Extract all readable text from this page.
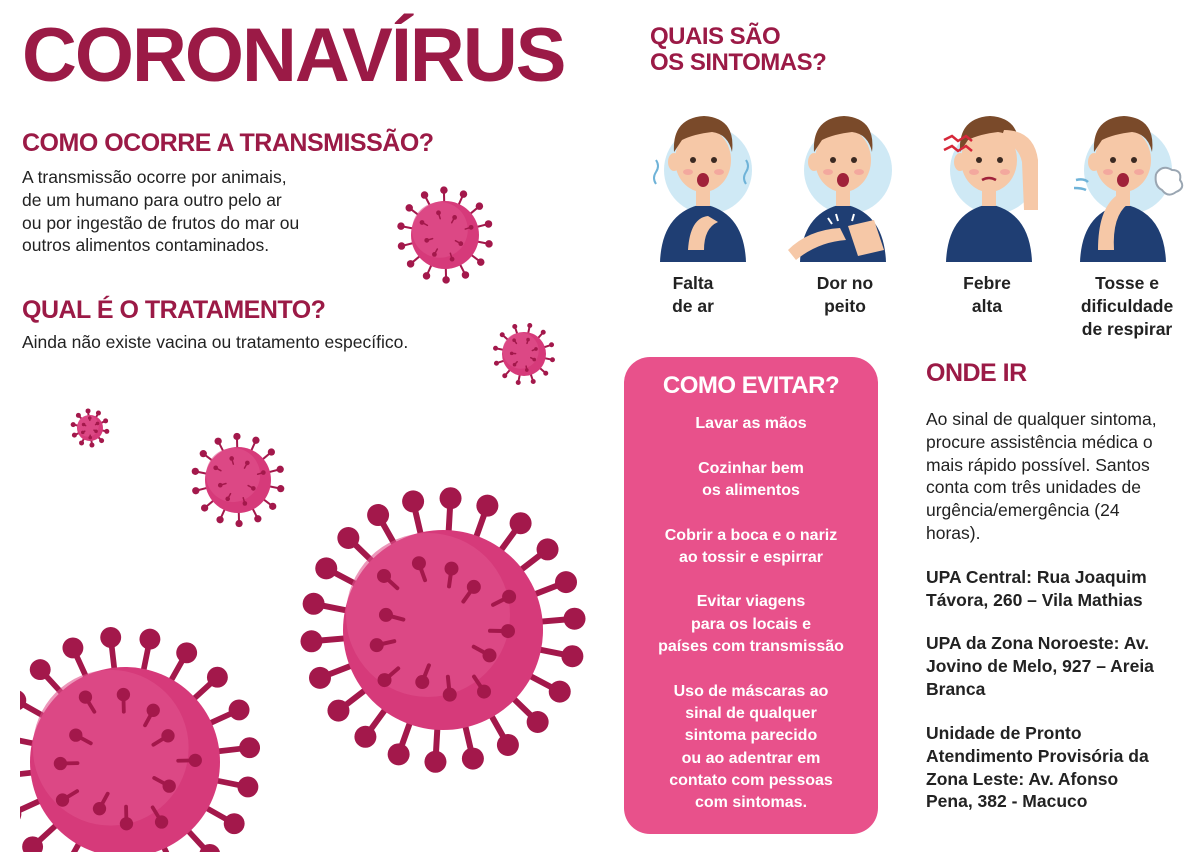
CORONAVÍRUS
COMO OCORRE A TRANSMISSÃO?

A transmissão ocorre por animais,

de um humano para outro pelo ar

ou por ingestão de frutos do mar ou

outros alimentos contaminados.

QUAL É O TRATAMENTO?

Ainda não existe vacina ou tratamento específico.

QUAIS SÃO
OS SINTOMAS?
Falta
de ar
Dor no
peito
Febre
alta
Tosse e
dificuldade
de respirar
COMO EVITAR?
Lavar as mãos
Cozinhar bem
os alimentos
Cobrir a boca e o nariz
ao tossir e espirrar
Evitar viagens
para os locais e
países com transmissão
Uso de máscaras ao
sinal de qualquer
sintoma parecido
ou ao adentrar em
contato com pessoas
com sintomas.
ONDE IR

Ao sinal de qualquer sintoma,

procure assistência médica o

mais rápido possível. Santos

conta com três unidades de

urgência/emergência (24

horas).

UPA Central: Rua Joaquim

Távora, 260 – Vila Mathias

UPA da Zona Noroeste: Av.

Jovino de Melo, 927 – Areia

Branca

Unidade de Pronto

Atendimento Provisória da

Zona Leste: Av. Afonso

Pena, 382 - Macuco
